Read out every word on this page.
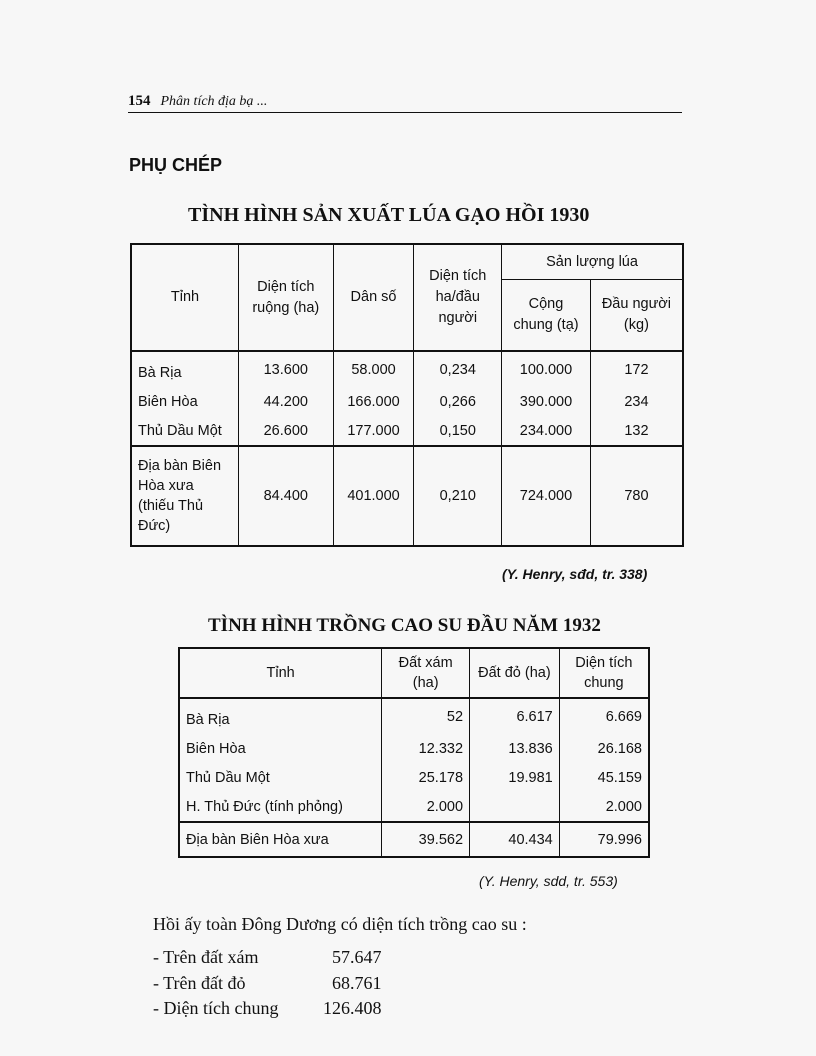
154 Phân tích địa bạ ...
PHỤ CHÉP
TÌNH HÌNH SẢN XUẤT LÚA GẠO HỒI 1930
Tỉnh	Diện tích ruộng (ha)	Dân số	Diện tích ha/đầu người	Sản lượng lúa	
				Cộng chung (tạ)	Đầu người (kg)
Bà Rịa	13.600	58.000	0,234	100.000	172
Biên Hòa	44.200	166.000	0,266	390.000	234
Thủ Dầu Một	26.600	177.000	0,150	234.000	132
Địa bàn Biên Hòa xưa (thiếu Thủ Đức)	84.400	401.000	0,210	724.000	780
(Y. Henry, sđd, tr. 338)
TÌNH HÌNH TRỒNG CAO SU ĐẦU NĂM 1932
Tỉnh	Đất xám (ha)	Đất đỏ (ha)	Diện tích chung
Bà Rịa	52	6.617	6.669
Biên Hòa	12.332	13.836	26.168
Thủ Dầu Một	25.178	19.981	45.159
H. Thủ Đức (tính phỏng)	2.000		2.000
Địa bàn Biên Hòa xưa	39.562	40.434	79.996
(Y. Henry, sdd, tr. 553)
Hồi ấy toàn Đông Dương có diện tích trồng cao su :
- Trên đất xám	57.647
- Trên đất đỏ	68.761
- Diện tích chung 126.408
